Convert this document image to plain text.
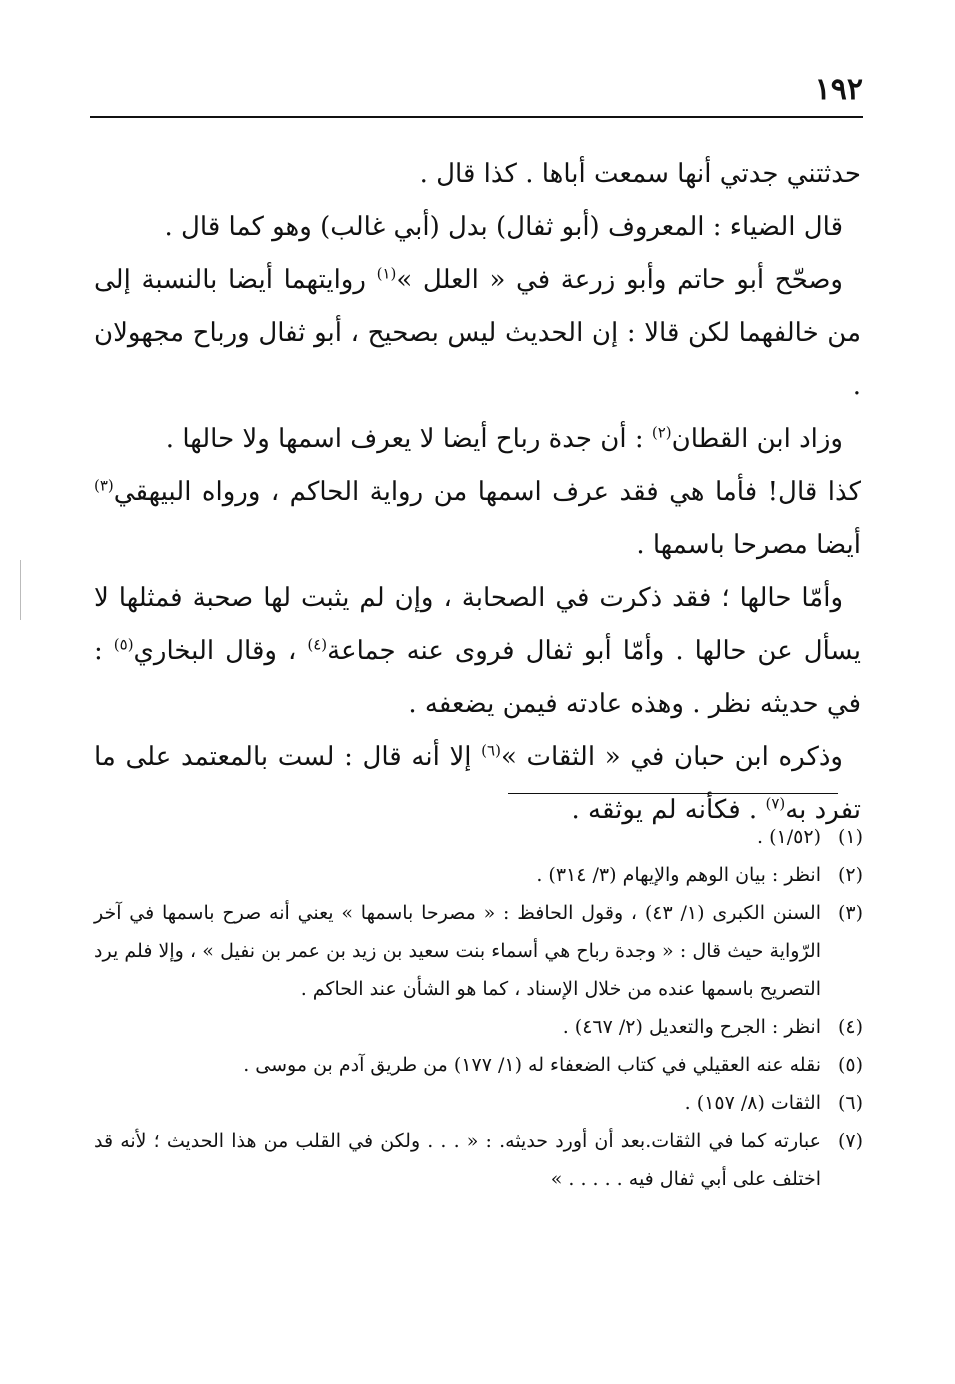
١٩٢

حدثتني جدتي أنها سمعت أباها . كذا قال .

قال الضياء : المعروف (أبو ثفال) بدل (أبي غالب) وهو كما قال .

وصحّح أبو حاتم وأبو زرعة في « العلل »$^{(١)}$ روايتهما أيضا بالنسبة إلى من خالفهما لكن قالا : إن الحديث ليس بصحيح ، أبو ثفال ورباح مجهولان .

وزاد ابن القطان$^{(٢)}$ : أن جدة رباح أيضا لا يعرف اسمها ولا حالها .

كذا قال! فأما هي فقد عرف اسمها من رواية الحاكم ، ورواه البيهقي$^{(٣)}$ أيضا مصرحا باسمها .

وأمّا حالها ؛ فقد ذكرت في الصحابة ، وإن لم يثبت لها صحبة فمثلها لا يسأل عن حالها . وأمّا أبو ثفال فروى عنه جماعة$^{(٤)}$ ، وقال البخاري$^{(٥)}$ : في حديثه نظر . وهذه عادته فيمن يضعفه .

وذكره ابن حبان في « الثقات »$^{(٦)}$ إلا أنه قال : لست بالمعتمد على ما تفرد به$^{(٧)}$ . فكأنه لم يوثقه .

(١)
(١/٥٢) .
(٢)
انظر : بيان الوهم والإيهام (٣/ ٣١٤) .
(٣)
السنن الكبرى (١/ ٤٣) ، وقول الحافظ : « مصرحا باسمها » يعني أنه صرح باسمها في آخر الرّواية حيث قال : « وجدة رباح هي أسماء بنت سعيد بن زيد بن عمر بن نفيل » ، وإلا فلم يرد التصريح باسمها عنده من خلال الإسناد ، كما هو الشأن عند الحاكم .
(٤)
انظر : الجرح والتعديل (٢/ ٤٦٧) .
(٥)
نقله عنه العقيلي في كتاب الضعفاء له (١/ ١٧٧) من طريق آدم بن موسى .
(٦)
الثقات (٨/ ١٥٧) .
(٧)
عبارته كما في الثقات.بعد أن أورد حديثه. : « . . . ولكن في القلب من هذا الحديث ؛ لأنه قد اختلف على أبي ثفال فيه . . . . . »
